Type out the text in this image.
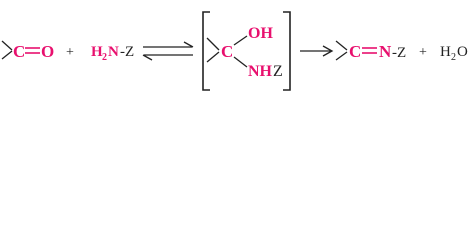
C O + H 2 N -Z	C
OH
NH Z
C N -Z + H 2 O
